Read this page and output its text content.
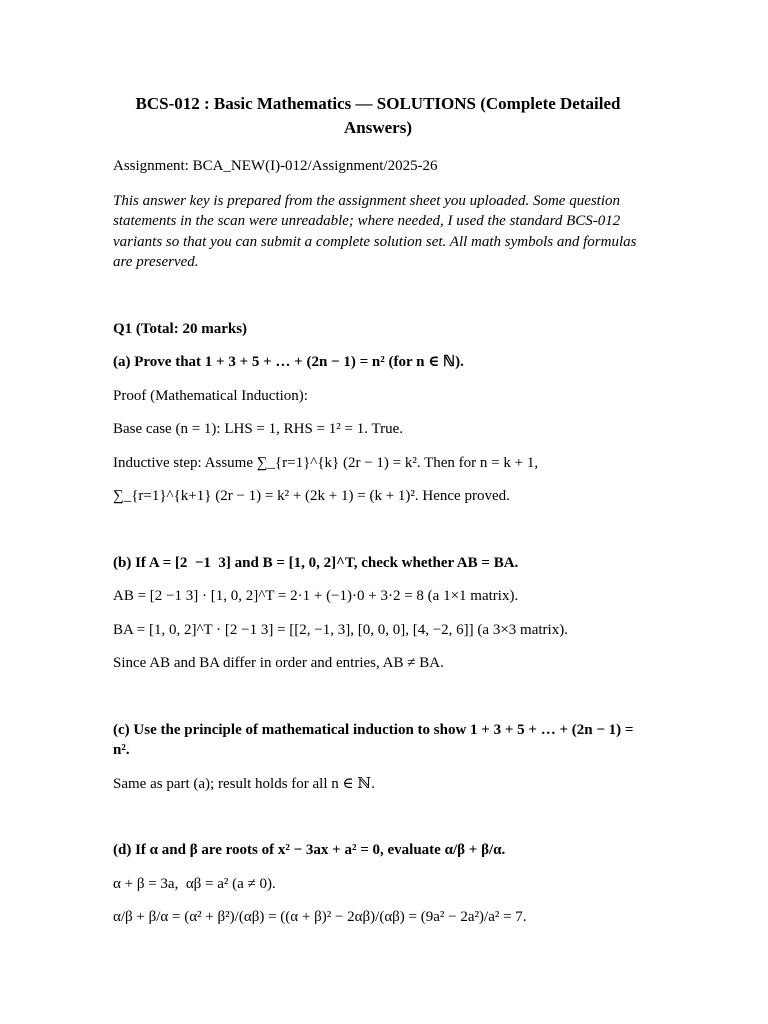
BCS-012 : Basic Mathematics — SOLUTIONS (Complete Detailed Answers)

Assignment: BCA_NEW(I)-012/Assignment/2025-26

This answer key is prepared from the assignment sheet you uploaded. Some question statements in the scan were unreadable; where needed, I used the standard BCS-012 variants so that you can submit a complete solution set. All math symbols and formulas are preserved.

Q1 (Total: 20 marks)

(a) Prove that 1 + 3 + 5 + … + (2n − 1) = n² (for n ∈ ℕ).

Proof (Mathematical Induction):

Base case (n = 1): LHS = 1, RHS = 1² = 1. True.

Inductive step: Assume ∑_{r=1}^{k} (2r − 1) = k². Then for n = k + 1,

∑_{r=1}^{k+1} (2r − 1) = k² + (2k + 1) = (k + 1)². Hence proved.

(b) If A = [2  −1  3] and B = [1, 0, 2]^T, check whether AB = BA.

AB = [2 −1 3] · [1, 0, 2]^T = 2·1 + (−1)·0 + 3·2 = 8 (a 1×1 matrix).

BA = [1, 0, 2]^T · [2 −1 3] = [[2, −1, 3], [0, 0, 0], [4, −2, 6]] (a 3×3 matrix).

Since AB and BA differ in order and entries, AB ≠ BA.

(c) Use the principle of mathematical induction to show 1 + 3 + 5 + … + (2n − 1) = n².

Same as part (a); result holds for all n ∈ ℕ.

(d) If α and β are roots of x² − 3ax + a² = 0, evaluate α/β + β/α.

α + β = 3a,  αβ = a² (a ≠ 0).

α/β + β/α = (α² + β²)/(αβ) = ((α + β)² − 2αβ)/(αβ) = (9a² − 2a²)/a² = 7.
